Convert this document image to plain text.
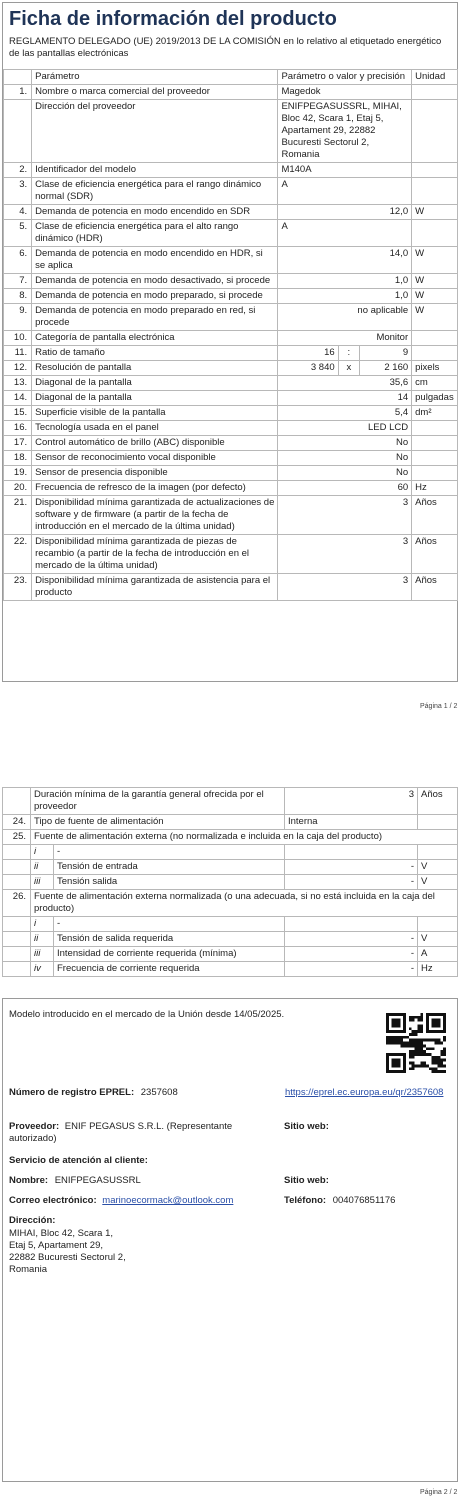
Ficha de información del producto
REGLAMENTO DELEGADO (UE) 2019/2013 DE LA COMISIÓN en lo relativo al etiquetado energético de las pantallas electrónicas
	Parámetro	Parámetro o valor y precisión			Unidad
1.	Nombre o marca comercial del proveedor	Magedok			
	Dirección del proveedor	ENIFPEGASUSSRL, MIHAI, Bloc 42, Scara 1, Etaj 5, Apartament 29, 22882 Bucuresti Sectorul 2, Romania			
2.	Identificador del modelo	M140A			
3.	Clase de eficiencia energética para el rango dinámico normal (SDR)	A			
4.	Demanda de potencia en modo encendido en SDR	12,0			W
5.	Clase de eficiencia energética para el alto rango dinámico (HDR)	A			
6.	Demanda de potencia en modo encendido en HDR, si se aplica	14,0			W
7.	Demanda de potencia en modo desactivado, si procede	1,0			W
8.	Demanda de potencia en modo preparado, si procede	1,0			W
9.	Demanda de potencia en modo preparado en red, si procede	no aplicable			W
10.	Categoría de pantalla electrónica	Monitor			
11.	Ratio de tamaño	16	:	9	
12.	Resolución de pantalla	3 840	x	2 160	pixels
13.	Diagonal de la pantalla	35,6			cm
14.	Diagonal de la pantalla	14			pulgadas
15.	Superficie visible de la pantalla	5,4			dm²
16.	Tecnología usada en el panel	LED LCD			
17.	Control automático de brillo (ABC) disponible	No			
18.	Sensor de reconocimiento vocal disponible	No			
19.	Sensor de presencia disponible	No			
20.	Frecuencia de refresco de la imagen (por defecto)	60			Hz
21.	Disponibilidad mínima garantizada de actualizaciones de software y de firmware (a partir de la fecha de introducción en el mercado de la última unidad)	3			Años
22.	Disponibilidad mínima garantizada de piezas de recambio (a partir de la fecha de introducción en el mercado de la última unidad)	3			Años
23.	Disponibilidad mínima garantizada de asistencia para el producto	3			Años
Página 1 / 2
	Duración mínima de la garantía general ofrecida por el proveedor		3	Años
24.	Tipo de fuente de alimentación		Interna	
25.	Fuente de alimentación externa (no normalizada e incluida en la caja del producto)			
	i	-		
	ii	Tensión de entrada	-	V
	iii	Tensión salida	-	V
26.	Fuente de alimentación externa normalizada (o una adecuada, si no está incluida en la caja del producto)			
	i	-		
	ii	Tensión de salida requerida	-	V
	iii	Intensidad de corriente requerida (mínima)	-	A
	iv	Frecuencia de corriente requerida	-	Hz
Modelo introducido en el mercado de la Unión desde 14/05/2025.
Número de registro EPREL: 2357608	https://eprel.ec.europa.eu/qr/2357608
Proveedor: ENIF PEGASUS S.R.L. (Representante autorizado)
Sitio web:
Servicio de atención al cliente:
Nombre: ENIFPEGASUSSRL	Sitio web:
Correo electrónico: marinoecormack@outlook.com	Teléfono: 004076851176
Dirección:
MIHAI, Bloc 42, Scara 1,
Etaj 5, Apartament 29,
22882 Bucuresti Sectorul 2,
Romania
Página 2 / 2
